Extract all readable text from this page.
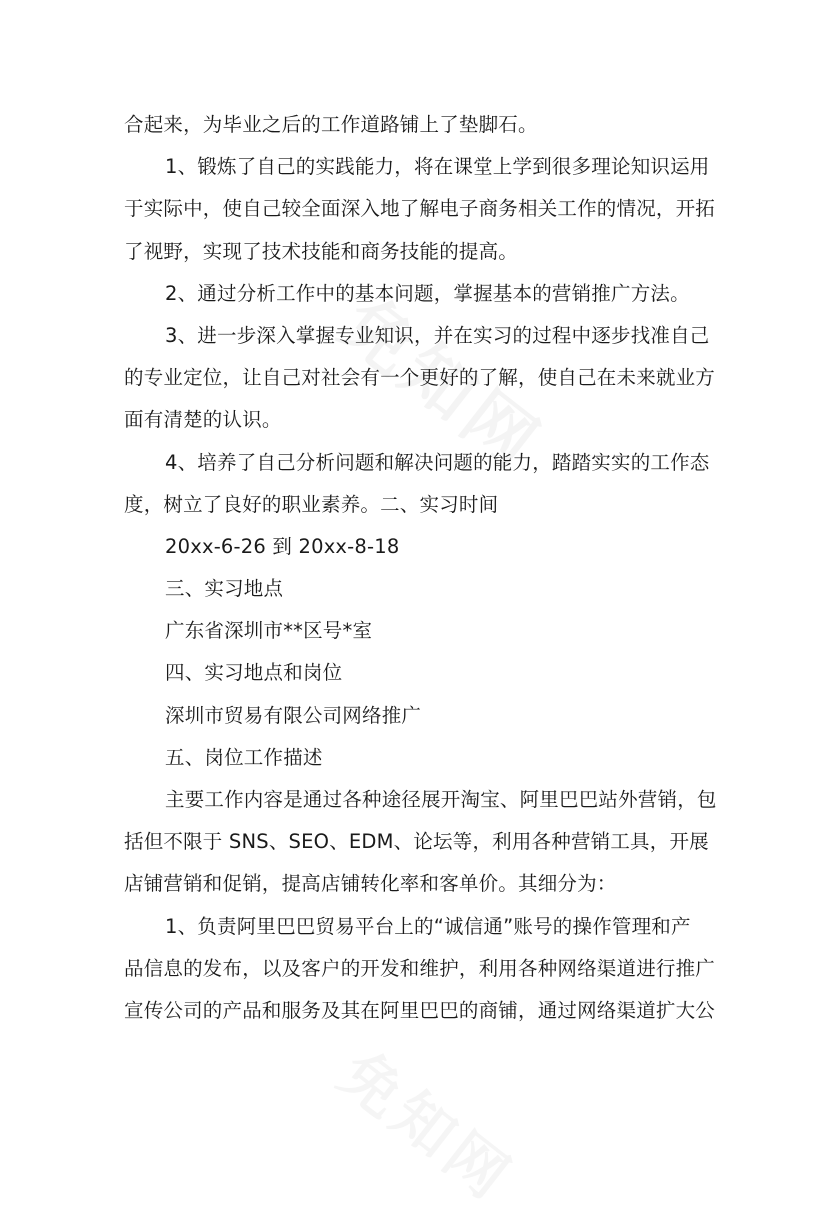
合起来，为毕业之后的工作道路铺上了垫脚石。
1、锻炼了自己的实践能力，将在课堂上学到很多理论知识运用
于实际中，使自己较全面深入地了解电子商务相关工作的情况，开拓
了视野，实现了技术技能和商务技能的提高。
2、通过分析工作中的基本问题，掌握基本的营销推广方法。
3、进一步深入掌握专业知识，并在实习的过程中逐步找准自己
的专业定位，让自己对社会有一个更好的了解，使自己在未来就业方
面有清楚的认识。
4、培养了自己分析问题和解决问题的能力，踏踏实实的工作态
度，树立了良好的职业素养。二、实习时间
20xx-6-26 到 20xx-8-18
三、实习地点
广东省深圳市**区号*室
四、实习地点和岗位
深圳市贸易有限公司网络推广
五、岗位工作描述
主要工作内容是通过各种途径展开淘宝、阿里巴巴站外营销，包
括但不限于 SNS、SEO、EDM、论坛等，利用各种营销工具，开展
店铺营销和促销，提高店铺转化率和客单价。其细分为：
1、负责阿里巴巴贸易平台上的“诚信通”账号的操作管理和产
品信息的发布，以及客户的开发和维护，利用各种网络渠道进行推广
宣传公司的产品和服务及其在阿里巴巴的商铺，通过网络渠道扩大公
